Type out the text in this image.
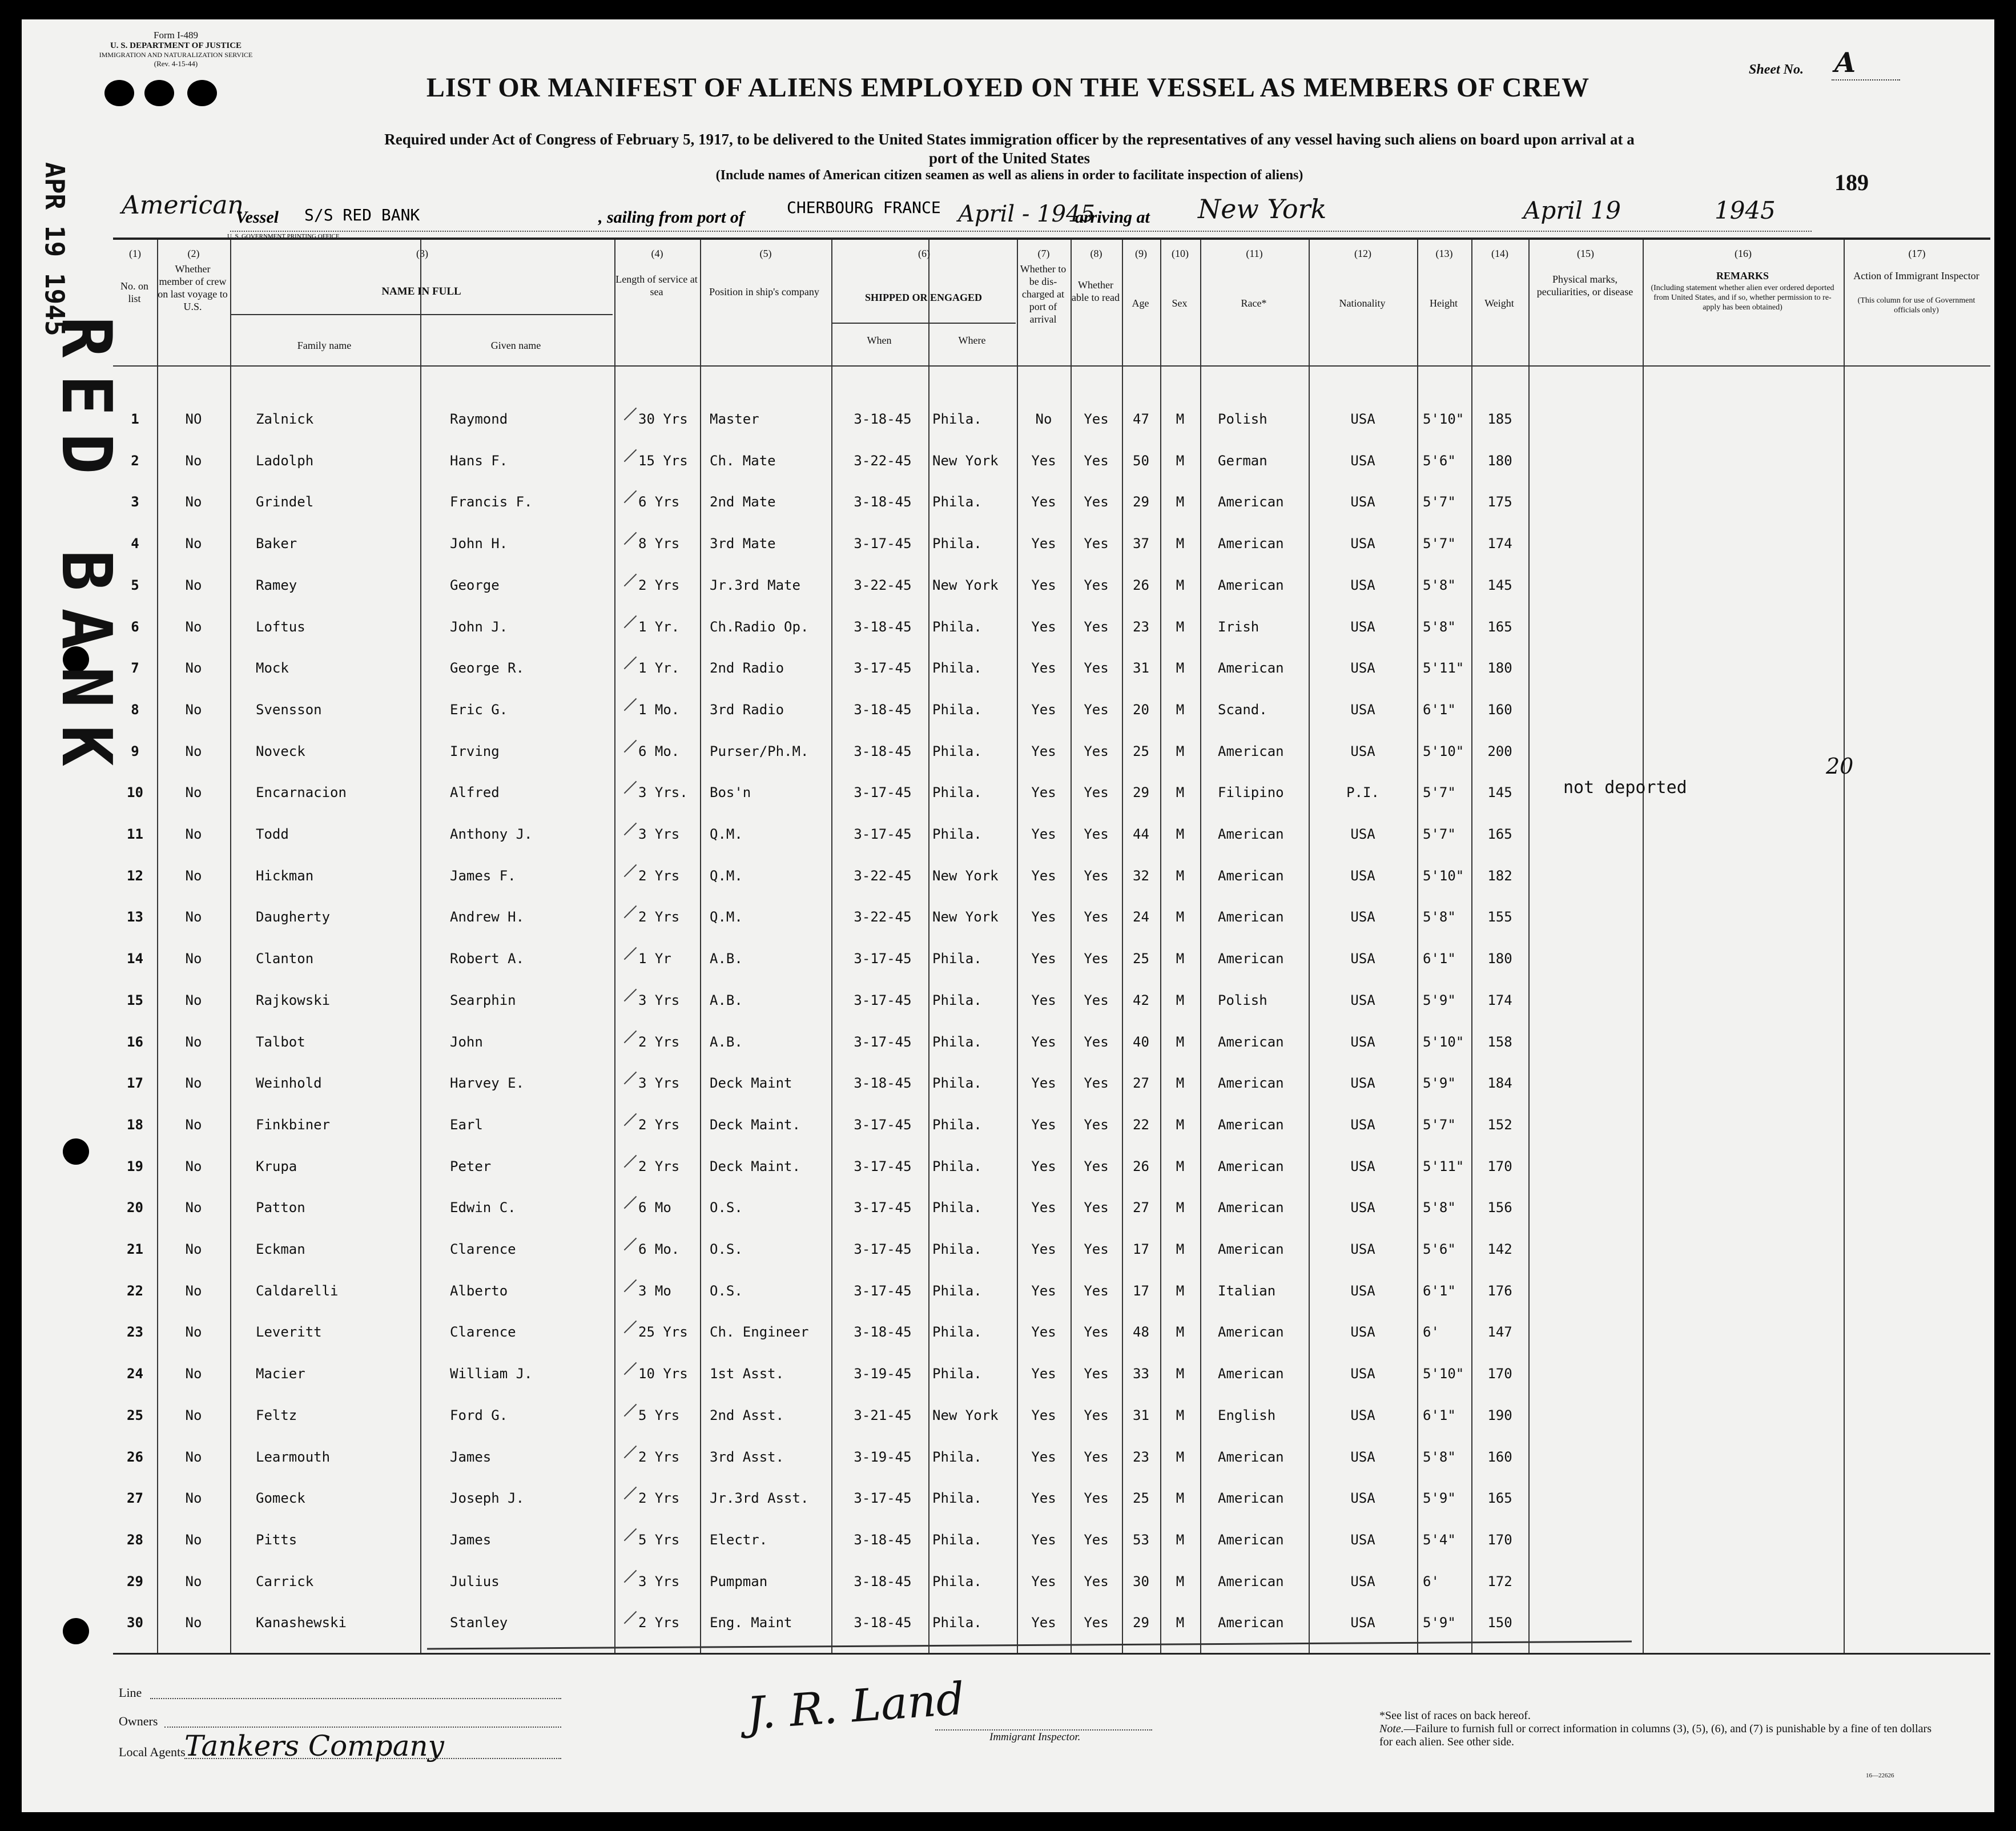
Form I-489
U. S. DEPARTMENT OF JUSTICE
IMMIGRATION AND NATURALIZATION SERVICE
(Rev. 4-15-44)	Sheet No. A
LIST OR MANIFEST OF ALIENS EMPLOYED ON THE VESSEL AS MEMBERS OF CREW
Required under Act of Congress of February 5, 1917, to be delivered to the United States immigration officer by the representatives of any vessel having such aliens on board upon arrival at a
port of the United States
(Include names of American citizen seamen as well as aliens in order to facilitate inspection of aliens)	189
American
Vessel S/S RED BANK	, sailing from port of
CHERBOURG FRANCE April - 1945
arriving at New York	April 19	1945
U. S. GOVERNMENT PRINTING OFFICE
APR 19 1945
RED BANK
(1)	(2)	(3)	(4)	(5)	(6)	(7)	(8)	(9)	(10)	(11)	(12)	(13)	(14)	(15)	(16)	(17)
No. on list
Whether member of crew on last voyage to U.S.
NAME IN FULL
Family name	Given name
Length of service at sea	Position in ship's company	SHIPPED OR ENGAGED
When	Where
Whether to be dis-charged at port of arrival
Whether able to read	Age	Sex	Race*	Nationality	Height	Weight
Physical marks, peculiarities, or disease
REMARKS
(Including statement whether alien ever ordered deported from United States, and if so, whether permission to re-apply has been obtained)
Action of Immigrant Inspector
(This column for use of Government officials only)
1	NO	Zalnick	Raymond	30 Yrs	Master	3-18-45	Phila.	No	Yes	47	M	Polish	USA	5'10"	185
2	No	Ladolph	Hans F.	15 Yrs	Ch. Mate	3-22-45	New York	Yes	Yes	50	M	German	USA	5'6"	180
3	No	Grindel	Francis F.	6 Yrs	2nd Mate	3-18-45	Phila.	Yes	Yes	29	M	American	USA	5'7"	175
4	No	Baker	John H.	8 Yrs	3rd Mate	3-17-45	Phila.	Yes	Yes	37	M	American	USA	5'7"	174
5	No	Ramey	George	2 Yrs	Jr.3rd Mate	3-22-45	New York	Yes	Yes	26	M	American	USA	5'8"	145
6	No	Loftus	John J.	1 Yr.	Ch.Radio Op.	3-18-45	Phila.	Yes	Yes	23	M	Irish	USA	5'8"	165
7	No	Mock	George R.	1 Yr.	2nd Radio	3-17-45	Phila.	Yes	Yes	31	M	American	USA	5'11"	180
8	No	Svensson	Eric G.	1 Mo.	3rd Radio	3-18-45	Phila.	Yes	Yes	20	M	Scand.	USA	6'1"	160
9	No	Noveck	Irving	6 Mo.	Purser/Ph.M.	3-18-45	Phila.	Yes	Yes	25	M	American	USA	5'10"	200
10	No	Encarnacion	Alfred	3 Yrs.	Bos'n	3-17-45	Phila.	Yes	Yes	29	M	Filipino	P.I.	5'7"	145	not deported
11	No	Todd	Anthony J.	3 Yrs	Q.M.	3-17-45	Phila.	Yes	Yes	44	M	American	USA	5'7"	165
12	No	Hickman	James F.	2 Yrs	Q.M.	3-22-45	New York	Yes	Yes	32	M	American	USA	5'10"	182
13	No	Daugherty	Andrew H.	2 Yrs	Q.M.	3-22-45	New York	Yes	Yes	24	M	American	USA	5'8"	155
14	No	Clanton	Robert A.	1 Yr	A.B.	3-17-45	Phila.	Yes	Yes	25	M	American	USA	6'1"	180
15	No	Rajkowski	Searphin	3 Yrs	A.B.	3-17-45	Phila.	Yes	Yes	42	M	Polish	USA	5'9"	174
16	No	Talbot	John	2 Yrs	A.B.	3-17-45	Phila.	Yes	Yes	40	M	American	USA	5'10"	158
17	No	Weinhold	Harvey E.	3 Yrs	Deck Maint	3-18-45	Phila.	Yes	Yes	27	M	American	USA	5'9"	184
18	No	Finkbiner	Earl	2 Yrs	Deck Maint.	3-17-45	Phila.	Yes	Yes	22	M	American	USA	5'7"	152
19	No	Krupa	Peter	2 Yrs	Deck Maint.	3-17-45	Phila.	Yes	Yes	26	M	American	USA	5'11"	170
20	No	Patton	Edwin C.	6 Mo	O.S.	3-17-45	Phila.	Yes	Yes	27	M	American	USA	5'8"	156
21	No	Eckman	Clarence	6 Mo.	O.S.	3-17-45	Phila.	Yes	Yes	17	M	American	USA	5'6"	142
22	No	Caldarelli	Alberto	3 Mo	O.S.	3-17-45	Phila.	Yes	Yes	17	M	Italian	USA	6'1"	176
23	No	Leveritt	Clarence	25 Yrs	Ch. Engineer	3-18-45	Phila.	Yes	Yes	48	M	American	USA	6'	147
24	No	Macier	William J.	10 Yrs	1st Asst.	3-19-45	Phila.	Yes	Yes	33	M	American	USA	5'10"	170
25	No	Feltz	Ford G.	5 Yrs	2nd Asst.	3-21-45	New York	Yes	Yes	31	M	English	USA	6'1"	190
26	No	Learmouth	James	2 Yrs	3rd Asst.	3-19-45	Phila.	Yes	Yes	23	M	American	USA	5'8"	160
27	No	Gomeck	Joseph J.	2 Yrs	Jr.3rd Asst.	3-17-45	Phila.	Yes	Yes	25	M	American	USA	5'9"	165
28	No	Pitts	James	5 Yrs	Electr.	3-18-45	Phila.	Yes	Yes	53	M	American	USA	5'4"	170
29	No	Carrick	Julius	3 Yrs	Pumpman	3-18-45	Phila.	Yes	Yes	30	M	American	USA	6'	172
30	No	Kanashewski	Stanley	2 Yrs	Eng. Maint	3-18-45	Phila.	Yes	Yes	29	M	American	USA	5'9"	150
20
Line
Owners
Local Agents
Tankers Company
J. R. Land Immigrant Inspector.
*See list of races on back hereof.
Note.—Failure to furnish full or correct information in columns (3), (5), (6), and (7) is punishable by a fine of ten dollars for each alien. See other side.
16—22626
